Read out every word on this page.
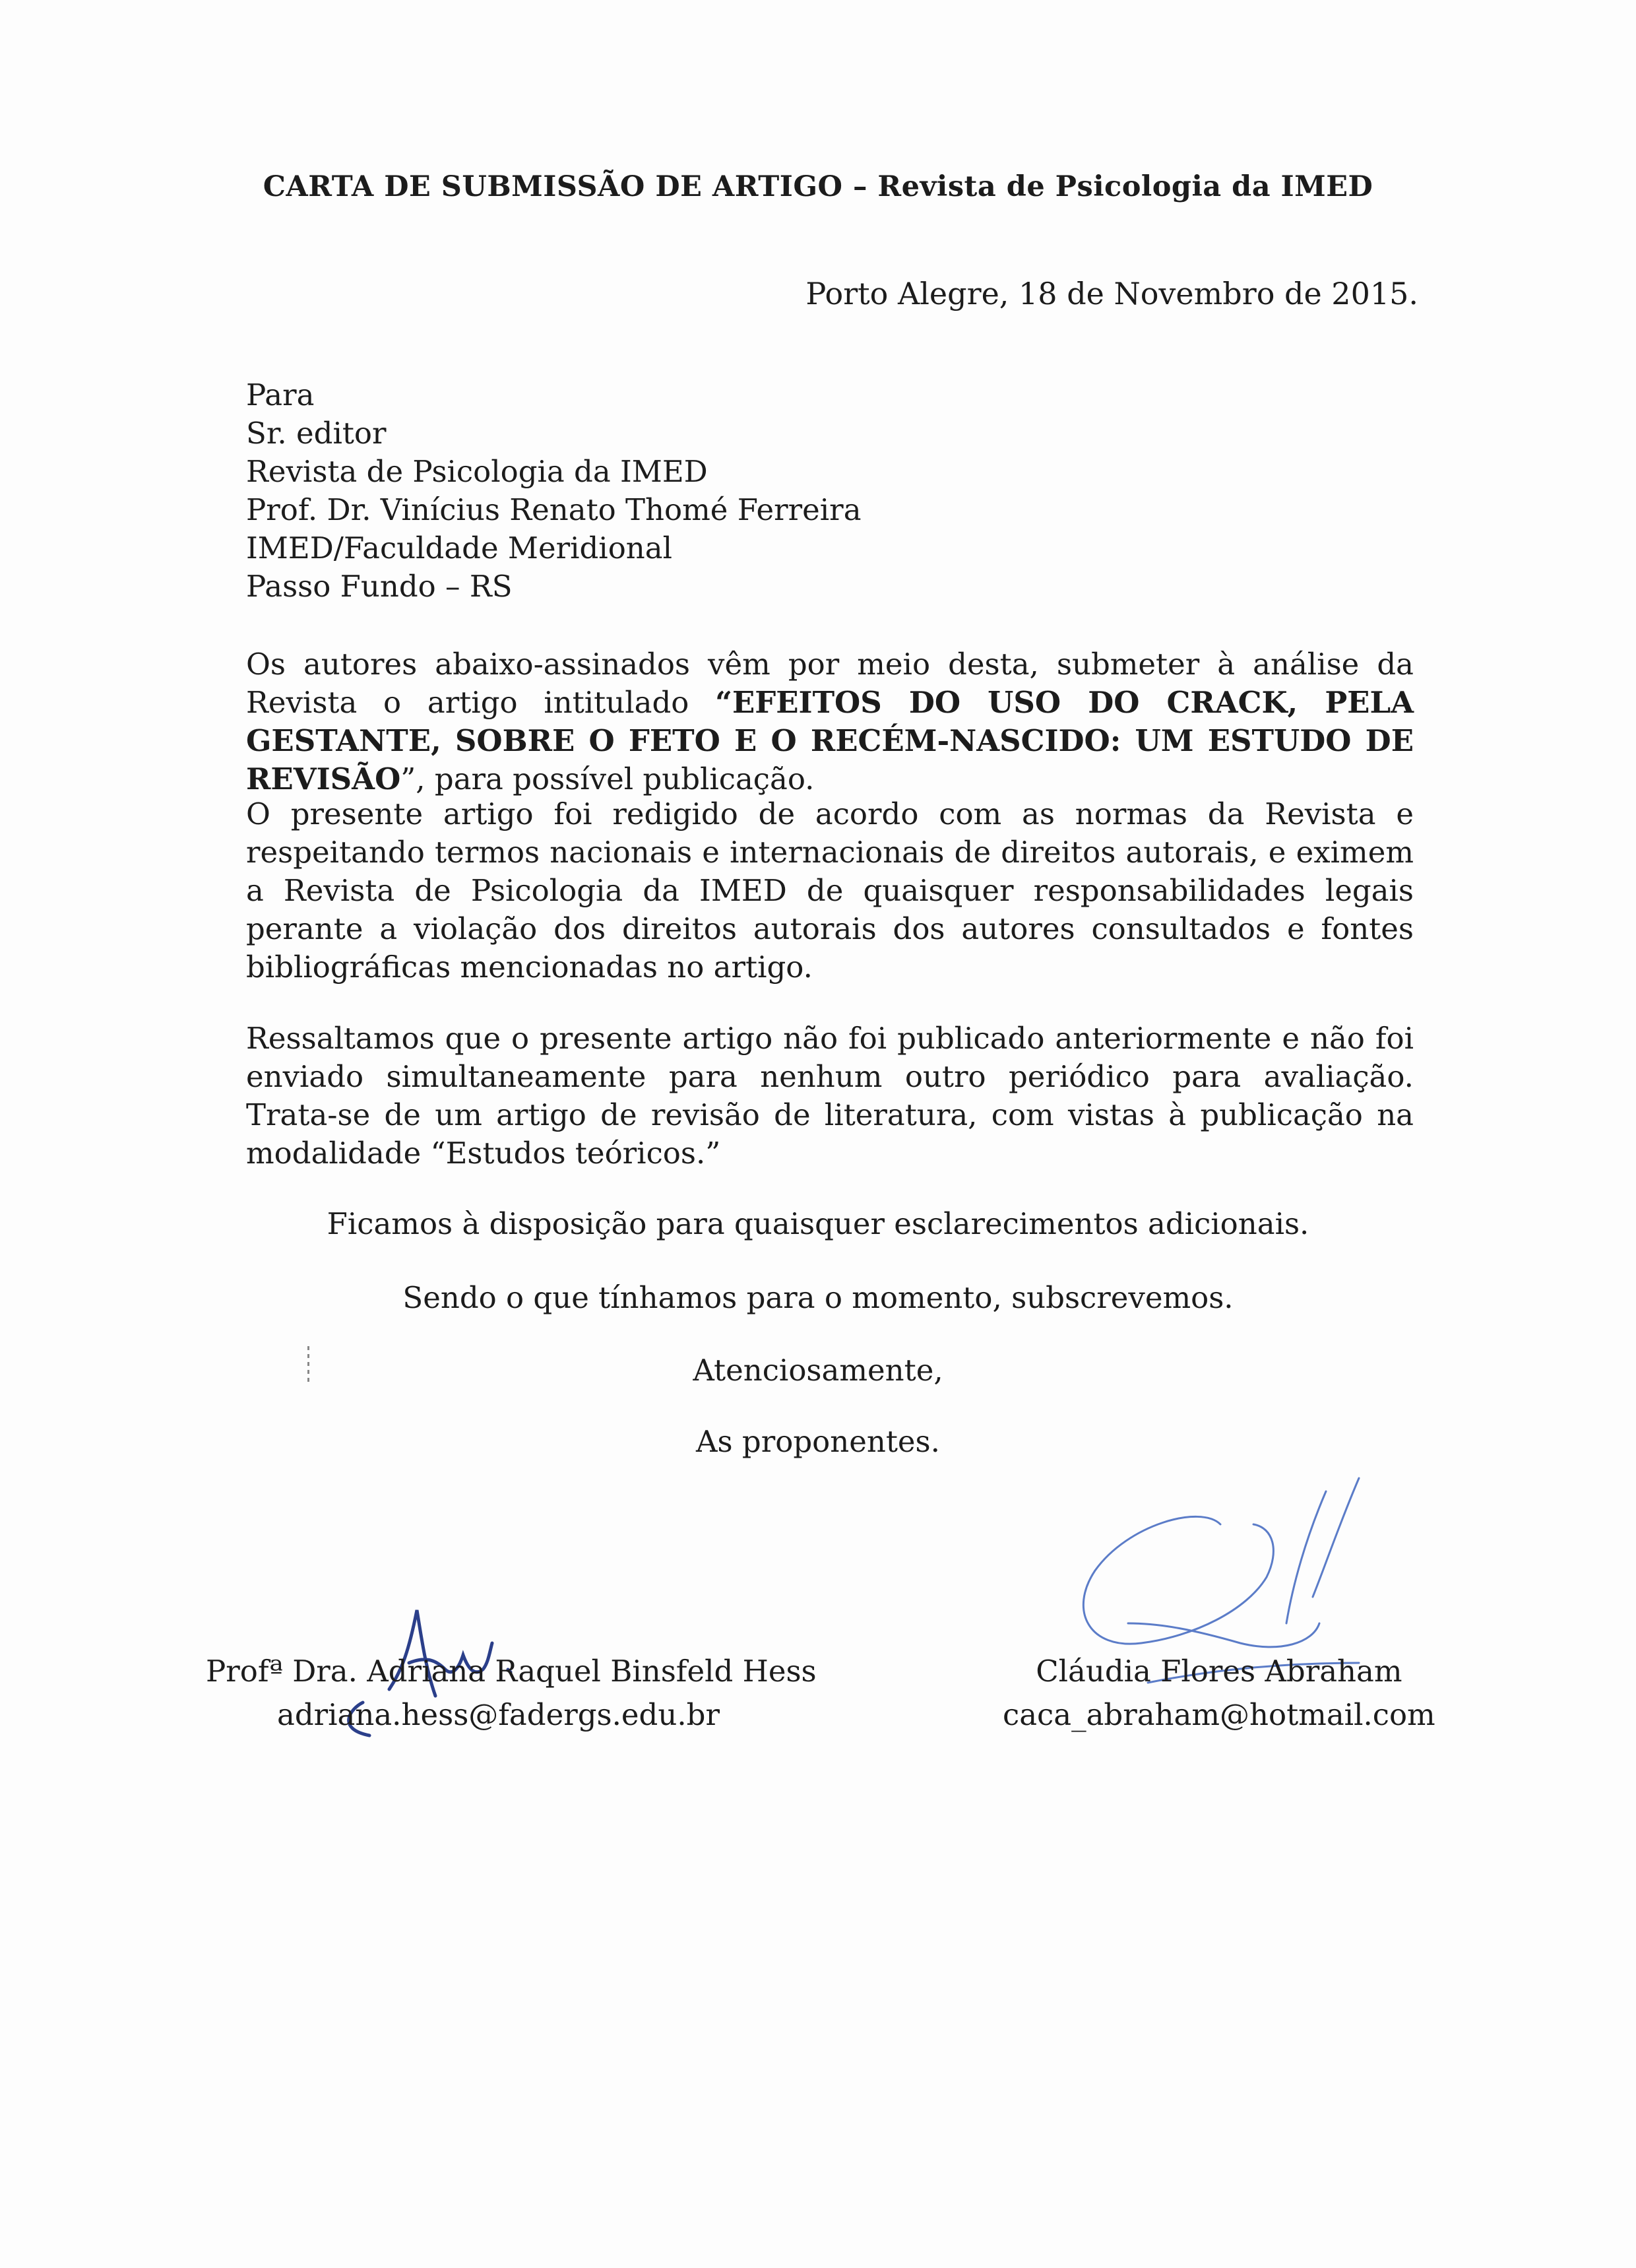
CARTA DE SUBMISSÃO DE ARTIGO – Revista de Psicologia da IMED
Porto Alegre, 18 de Novembro de 2015.
Para
Sr. editor
Revista de Psicologia da IMED
Prof. Dr. Vinícius Renato Thomé Ferreira
IMED/Faculdade Meridional
Passo Fundo – RS
Os autores abaixo-assinados vêm por meio desta, submeter à análise da Revista o artigo intitulado “EFEITOS DO USO DO CRACK, PELA GESTANTE, SOBRE O FETO E O RECÉM-NASCIDO: UM ESTUDO DE REVISÃO”, para possível publicação.
O presente artigo foi redigido de acordo com as normas da Revista e respeitando termos nacionais e internacionais de direitos autorais, e eximem a Revista de Psicologia da IMED de quaisquer responsabilidades legais perante a violação dos direitos autorais dos autores consultados e fontes bibliográficas mencionadas no artigo.
Ressaltamos que o presente artigo não foi publicado anteriormente e não foi enviado simultaneamente para nenhum outro periódico para avaliação. Trata-se de um artigo de revisão de literatura, com vistas à publicação na modalidade “Estudos teóricos.”
Ficamos à disposição para quaisquer esclarecimentos adicionais.
Sendo o que tínhamos para o momento, subscrevemos.
Atenciosamente,
As proponentes.
Profª Dra. Adriana Raquel Binsfeld Hess
adriana.hess@fadergs.edu.br
Cláudia Flores Abraham
caca_abraham@hotmail.com
